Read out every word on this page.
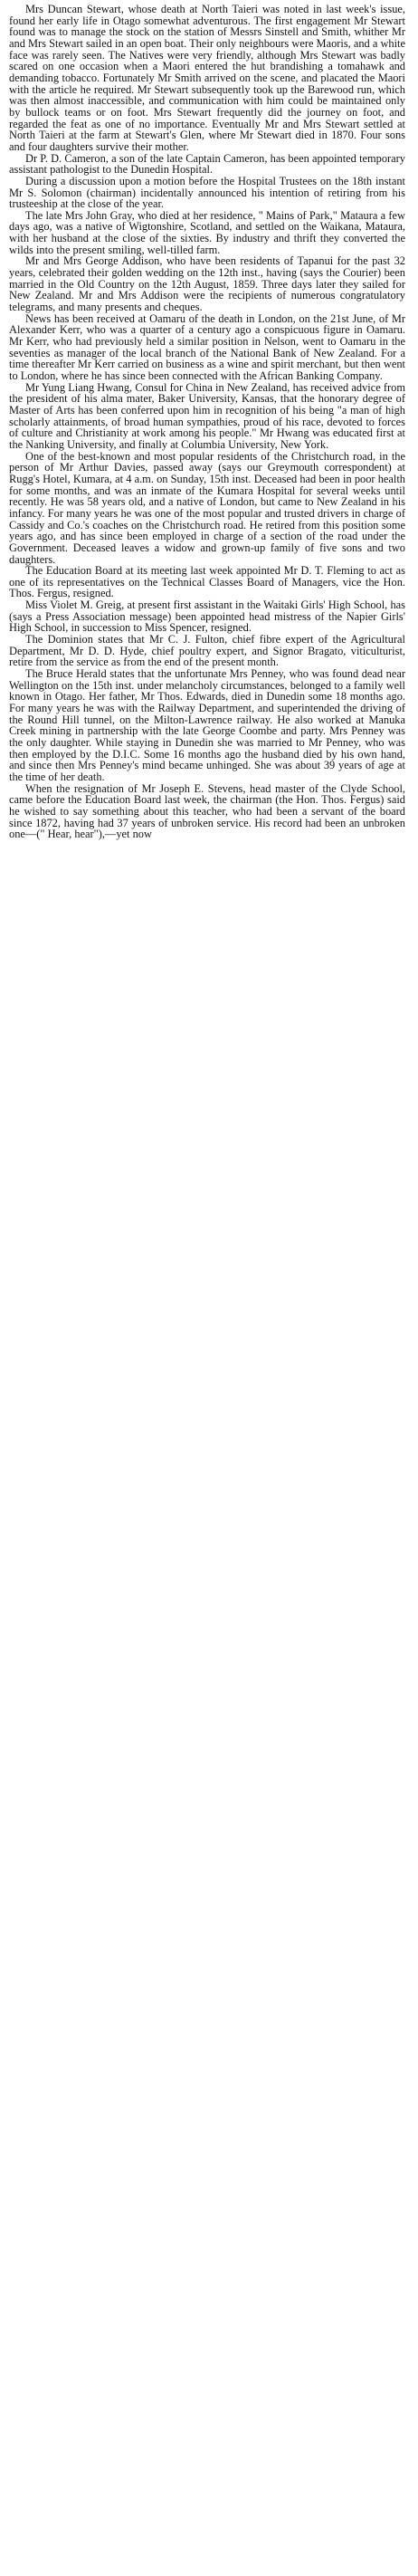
Mrs Duncan Stewart, whose death at North Taieri was noted in last week's issue, found her early life in Otago somewhat adventurous. The first engagement Mr Stewart found was to manage the stock on the station of Messrs Sinstell and Smith, whither Mr and Mrs Stewart sailed in an open boat. Their only neighbours were Maoris, and a white face was rarely seen. The Natives were very friendly, although Mrs Stewart was badly scared on one occasion when a Maori entered the hut brandishing a tomahawk and demanding tobacco. Fortunately Mr Smith arrived on the scene, and placated the Maori with the article he required. Mr Stewart subsequently took up the Barewood run, which was then almost inaccessible, and communication with him could be maintained only by bullock teams or on foot. Mrs Stewart frequently did the journey on foot, and regarded the feat as one of no importance. Eventually Mr and Mrs Stewart settled at North Taieri at the farm at Stewart's Glen, where Mr Stewart died in 1870. Four sons and four daughters survive their mother.

Dr P. D. Cameron, a son of the late Captain Cameron, has been appointed temporary assistant pathologist to the Dunedin Hospital.

During a discussion upon a motion before the Hospital Trustees on the 18th instant Mr S. Solomon (chairman) incidentally announced his intention of retiring from his trusteeship at the close of the year.

The late Mrs John Gray, who died at her residence, " Mains of Park," Mataura a few days ago, was a native of Wigtonshire, Scotland, and settled on the Waikana, Mataura, with her husband at the close of the sixties. By industry and thrift they converted the wilds into the present smiling, well-tilled farm.

Mr and Mrs George Addison, who have been residents of Tapanui for the past 32 years, celebrated their golden wedding on the 12th inst., having (says the Courier) been married in the Old Country on the 12th August, 1859. Three days later they sailed for New Zealand. Mr and Mrs Addison were the recipients of numerous congratulatory telegrams, and many presents and cheques.

News has been received at Oamaru of the death in London, on the 21st June, of Mr Alexander Kerr, who was a quarter of a century ago a conspicuous figure in Oamaru. Mr Kerr, who had previously held a similar position in Nelson, went to Oamaru in the seventies as manager of the local branch of the National Bank of New Zealand. For a time thereafter Mr Kerr carried on business as a wine and spirit merchant, but then went to London, where he has since been connected with the African Banking Company.

Mr Yung Liang Hwang, Consul for China in New Zealand, has received advice from the president of his alma mater, Baker University, Kansas, that the honorary degree of Master of Arts has been conferred upon him in recognition of his being "a man of high scholarly attainments, of broad human sympathies, proud of his race, devoted to forces of culture and Christianity at work among his people." Mr Hwang was educated first at the Nanking University, and finally at Columbia University, New York.

One of the best-known and most popular residents of the Christchurch road, in the person of Mr Arthur Davies, passed away (says our Greymouth correspondent) at Rugg's Hotel, Kumara, at 4 a.m. on Sunday, 15th inst. Deceased had been in poor health for some months, and was an inmate of the Kumara Hospital for several weeks until recently. He was 58 years old, and a native of London, but came to New Zealand in his infancy. For many years he was one of the most popular and trusted drivers in charge of Cassidy and Co.'s coaches on the Christchurch road. He retired from this position some years ago, and has since been employed in charge of a section of the road under the Government. Deceased leaves a widow and grown-up family of five sons and two daughters.

The Education Board at its meeting last week appointed Mr D. T. Fleming to act as one of its representatives on the Technical Classes Board of Managers, vice the Hon. Thos. Fergus, resigned.

Miss Violet M. Greig, at present first assistant in the Waitaki Girls' High School, has (says a Press Association message) been appointed head mistress of the Napier Girls' High School, in succession to Miss Spencer, resigned.

The Dominion states that Mr C. J. Fulton, chief fibre expert of the Agricultural Department, Mr D. D. Hyde, chief poultry expert, and Signor Bragato, viticulturist, retire from the service as from the end of the present month.

The Bruce Herald states that the unfortunate Mrs Penney, who was found dead near Wellington on the 15th inst. under melancholy circumstances, belonged to a family well known in Otago. Her father, Mr Thos. Edwards, died in Dunedin some 18 months ago. For many years he was with the Railway Department, and superintended the driving of the Round Hill tunnel, on the Milton-Lawrence railway. He also worked at Manuka Creek mining in partnership with the late George Coombe and party. Mrs Penney was the only daughter. While staying in Dunedin she was married to Mr Penney, who was then employed by the D.I.C. Some 16 months ago the husband died by his own hand, and since then Mrs Penney's mind became unhinged. She was about 39 years of age at the time of her death.

When the resignation of Mr Joseph E. Stevens, head master of the Clyde School, came before the Education Board last week, the chairman (the Hon. Thos. Fergus) said he wished to say something about this teacher, who had been a servant of the board since 1872, having had 37 years of unbroken service. His record had been an unbroken one—(" Hear, hear"),—yet now
